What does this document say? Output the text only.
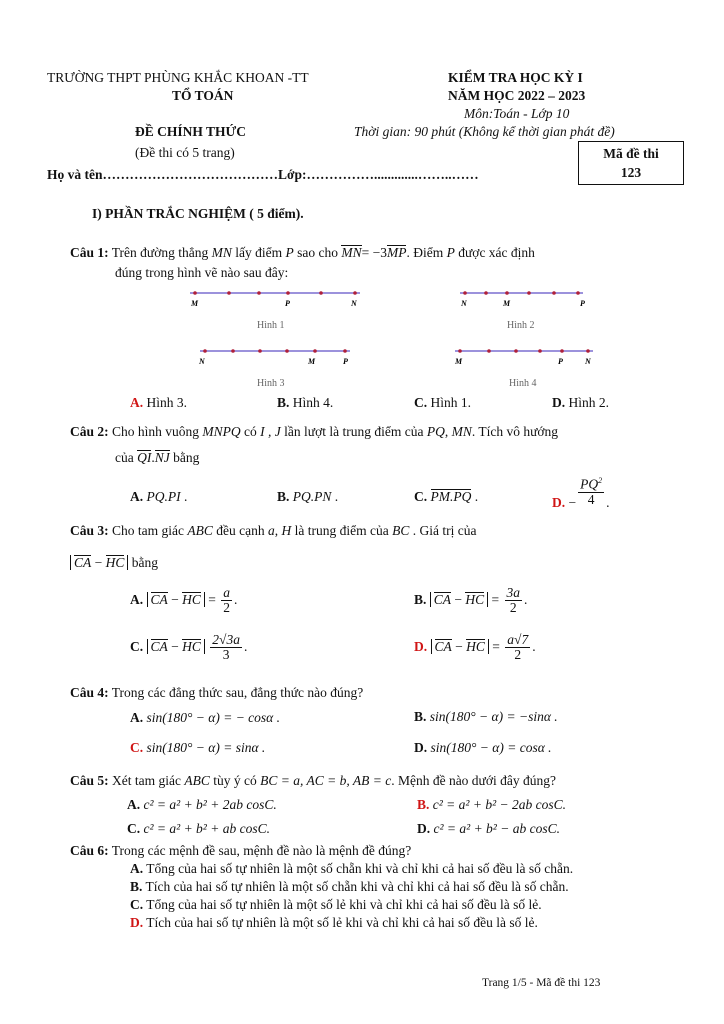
TRƯỜNG THPT PHÙNG KHẮC KHOAN -TT
TỔ TOÁN
ĐỀ CHÍNH THỨC
(Đề thi có 5 trang)
KIỂM TRA HỌC KỲ I
NĂM HỌC 2022 – 2023
Môn:Toán - Lớp 10
Thời gian: 90 phút (Không kể thời gian phát đề)
Mã đề thi
123
Họ và tên…………………………………Lớp:…………….............……..……
I) PHẦN TRẮC NGHIỆM ( 5 điểm).
Câu 1: Trên đường thẳng MN lấy điểm P sao cho MN= −3MP. Điểm P được xác định
đúng trong hình vẽ nào sau đây:
M	P	N
Hình 1
N	M	P
Hình 2
N	M	P
Hình 3
M	P	N
Hình 4
A. Hình 3.	B. Hình 4.	C. Hình 1.	D. Hình 2.
Câu 2: Cho hình vuông MNPQ có I , J lần lượt là trung điểm của PQ, MN. Tích vô hướng
của QI.NJ bằng
A. PQ.PI .	B. PQ.PN .	C. PM.PQ .	D. − $\frac{PQ^2}{4}$ .
Câu 3: Cho tam giác ABC đều cạnh a, H là trung điểm của BC . Giá trị của
CA − HC bằng
A. CA − HC = $\frac{a}{2}$ .	B. CA − HC = $\frac{3a}{2}$ .
C. CA − HC $\frac{2√3a}{3}$ .	D. CA − HC = $\frac{a√7}{2}$ .
Câu 4: Trong các đẳng thức sau, đẳng thức nào đúng?
A. sin(180° − α) = − cosα .	B. sin(180° − α) = −sinα .
C. sin(180° − α) = sinα .	D. sin(180° − α) = cosα .
Câu 5: Xét tam giác ABC tùy ý có BC = a, AC = b, AB = c. Mệnh đề nào dưới đây đúng?
A. c² = a² + b² + 2ab cosC.	B. c² = a² + b² − 2ab cosC.
C. c² = a² + b² + ab cosC.	D. c² = a² + b² − ab cosC.
Câu 6: Trong các mệnh đề sau, mệnh đề nào là mệnh đề đúng?
A. Tổng của hai số tự nhiên là một số chẵn khi và chỉ khi cả hai số đều là số chẵn.
B. Tích của hai số tự nhiên là một số chẵn khi và chỉ khi cả hai số đều là số chẵn.
C. Tổng của hai số tự nhiên là một số lẻ khi và chỉ khi cả hai số đều là số lẻ.
D. Tích của hai số tự nhiên là một số lẻ khi và chỉ khi cả hai số đều là số lẻ.
Trang 1/5 - Mã đề thi 123
